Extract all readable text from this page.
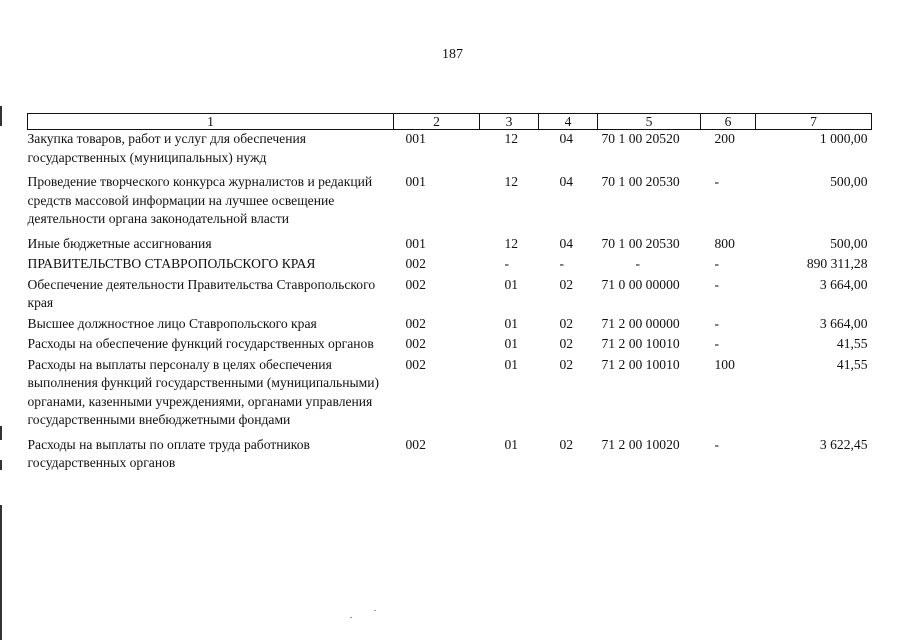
187
1	2	3	4	5	6	7
Закупка товаров, работ и услуг для обеспечения государственных (муниципальных) нужд	001	12	04	70 1 00 20520	200	1 000,00
Проведение творческого конкурса журналистов и редакций средств массовой информации на лучшее освещение деятельности органа законодательной власти	001	12	04	70 1 00 20530	-	500,00
Иные бюджетные ассигнования	001	12	04	70 1 00 20530	800	500,00
ПРАВИТЕЛЬСТВО СТАВРОПОЛЬСКОГО КРАЯ	002	-	-	-	-	890 311,28
Обеспечение деятельности Правительства Ставропольского края	002	01	02	71 0 00 00000	-	3 664,00
Высшее должностное лицо Ставропольского края	002	01	02	71 2 00 00000	-	3 664,00
Расходы на обеспечение функций государственных органов	002	01	02	71 2 00 10010	-	41,55
Расходы на выплаты персоналу в целях обеспечения выполнения функций государственными (муниципальными) органами, казенными учреждениями, органами управления государственными внебюджетными фондами	002	01	02	71 2 00 10010	100	41,55
Расходы на выплаты по оплате труда работников государственных органов	002	01	02	71 2 00 10020	-	3 622,45
